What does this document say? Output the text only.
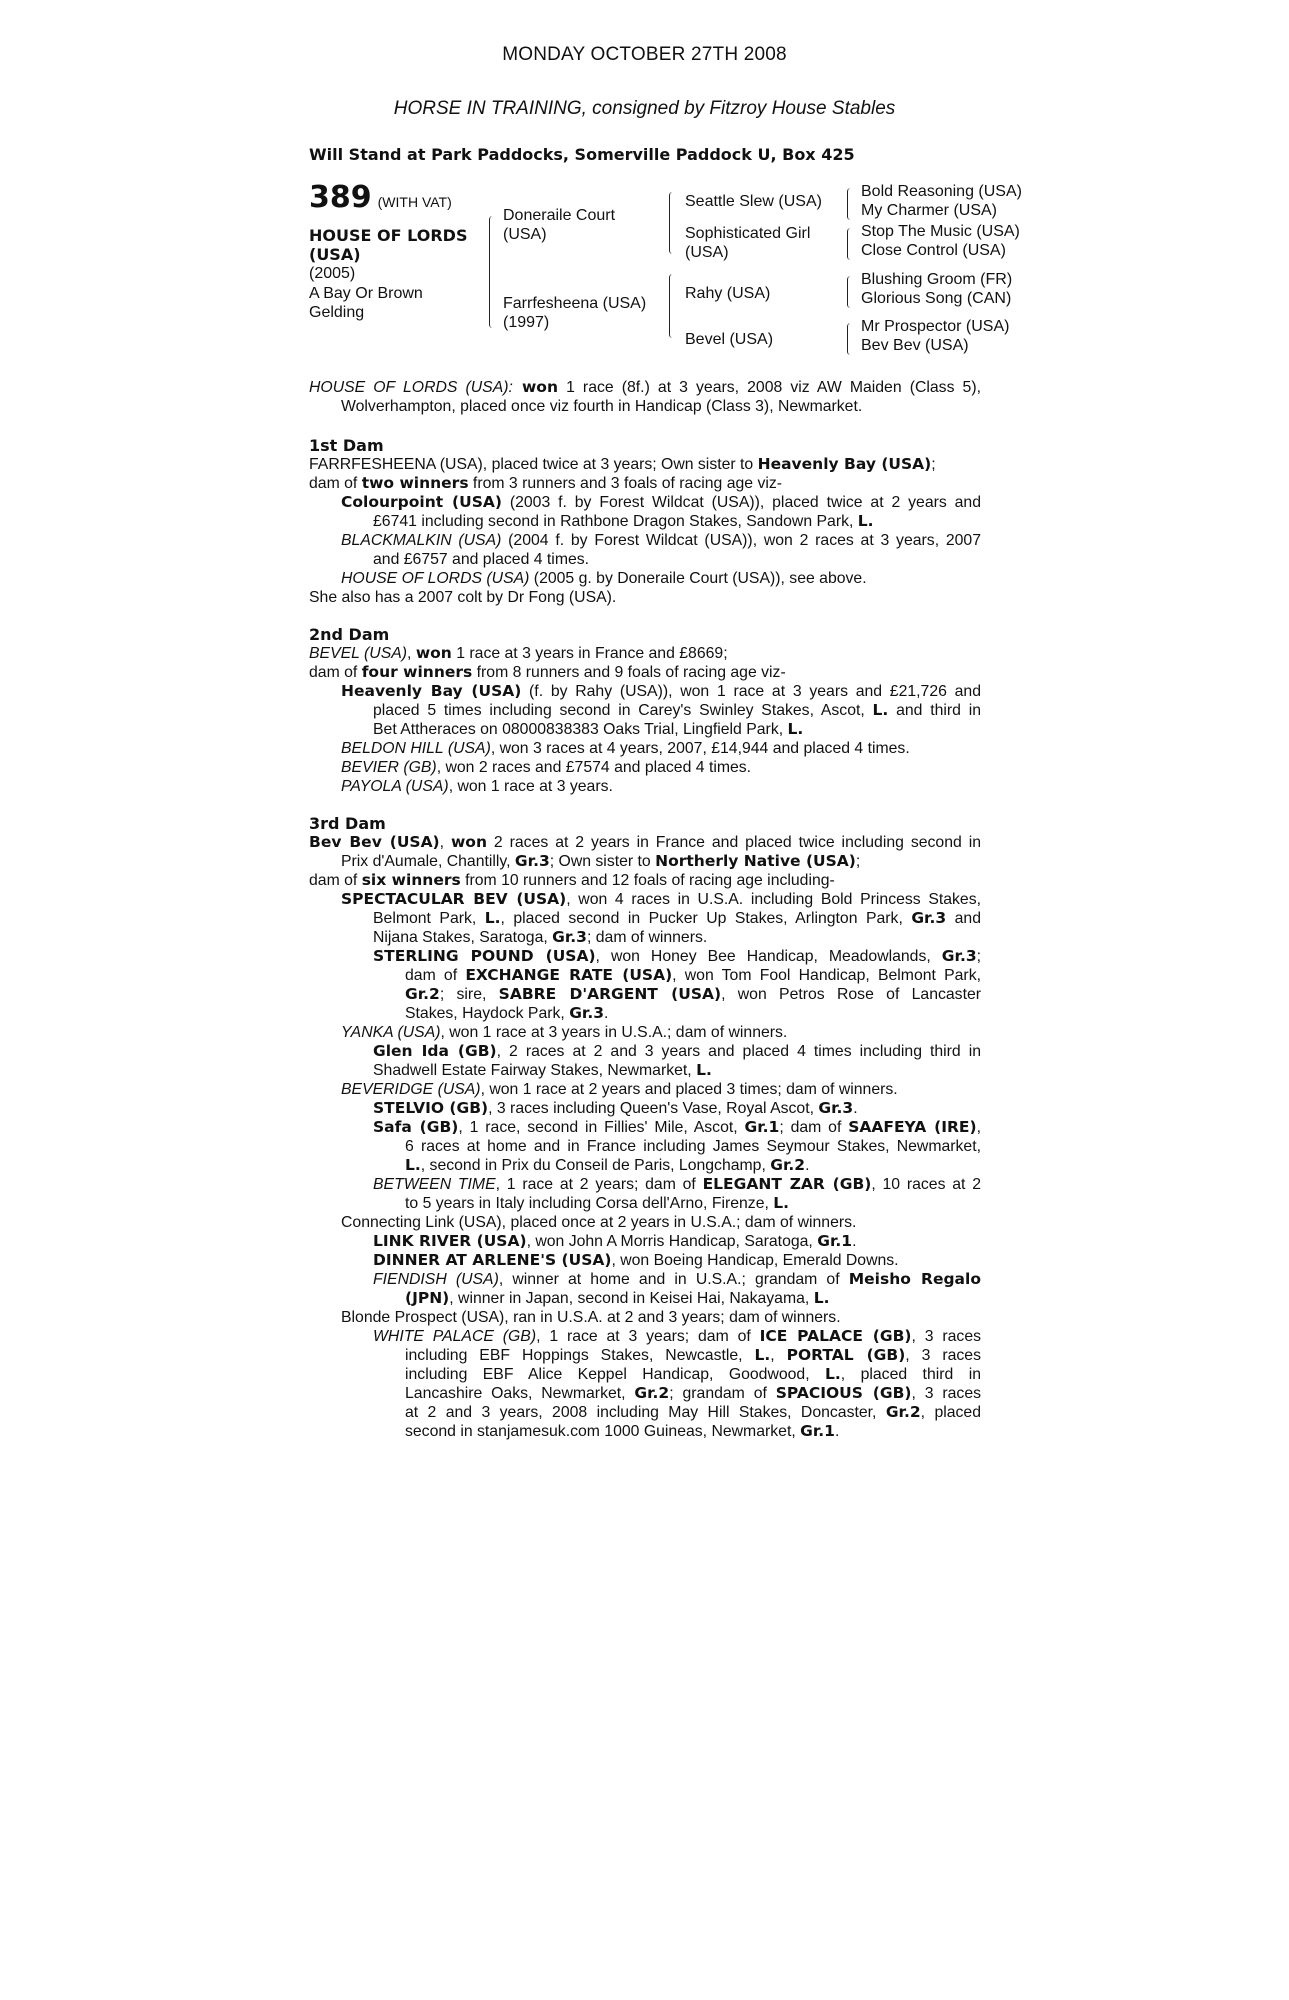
MONDAY OCTOBER 27TH 2008
HORSE IN TRAINING, consigned by Fitzroy House Stables
Will Stand at Park Paddocks, Somerville Paddock U, Box 425
389 (WITH VAT)
HOUSE OF LORDS
(USA)
(2005)
A Bay Or Brown
Gelding
Doneraile Court
(USA)
Farrfesheena (USA)
(1997)
Seattle Slew (USA)
Sophisticated Girl
(USA)
Rahy (USA)
Bevel (USA)
Bold Reasoning (USA)
My Charmer (USA)
Stop The Music (USA)
Close Control (USA)
Blushing Groom (FR)
Glorious Song (CAN)
Mr Prospector (USA)
Bev Bev (USA)
HOUSE OF LORDS (USA): won 1 race (8f.) at 3 years, 2008 viz AW Maiden (Class 5),
Wolverhampton, placed once viz fourth in Handicap (Class 3), Newmarket.
1st Dam
FARRFESHEENA (USA), placed twice at 3 years; Own sister to Heavenly Bay (USA);
dam of two winners from 3 runners and 3 foals of racing age viz-
Colourpoint (USA) (2003 f. by Forest Wildcat (USA)), placed twice at 2 years and
£6741 including second in Rathbone Dragon Stakes, Sandown Park, L.
BLACKMALKIN (USA) (2004 f. by Forest Wildcat (USA)), won 2 races at 3 years, 2007
and £6757 and placed 4 times.
HOUSE OF LORDS (USA) (2005 g. by Doneraile Court (USA)), see above.
She also has a 2007 colt by Dr Fong (USA).
2nd Dam
BEVEL (USA), won 1 race at 3 years in France and £8669;
dam of four winners from 8 runners and 9 foals of racing age viz-
Heavenly Bay (USA) (f. by Rahy (USA)), won 1 race at 3 years and £21,726 and
placed 5 times including second in Carey's Swinley Stakes, Ascot, L. and third in
Bet Attheraces on 08000838383 Oaks Trial, Lingfield Park, L.
BELDON HILL (USA), won 3 races at 4 years, 2007, £14,944 and placed 4 times.
BEVIER (GB), won 2 races and £7574 and placed 4 times.
PAYOLA (USA), won 1 race at 3 years.
3rd Dam
Bev Bev (USA), won 2 races at 2 years in France and placed twice including second in
Prix d'Aumale, Chantilly, Gr.3; Own sister to Northerly Native (USA);
dam of six winners from 10 runners and 12 foals of racing age including-
SPECTACULAR BEV (USA), won 4 races in U.S.A. including Bold Princess Stakes,
Belmont Park, L., placed second in Pucker Up Stakes, Arlington Park, Gr.3 and
Nijana Stakes, Saratoga, Gr.3; dam of winners.
STERLING POUND (USA), won Honey Bee Handicap, Meadowlands, Gr.3;
dam of EXCHANGE RATE (USA), won Tom Fool Handicap, Belmont Park,
Gr.2; sire, SABRE D'ARGENT (USA), won Petros Rose of Lancaster
Stakes, Haydock Park, Gr.3.
YANKA (USA), won 1 race at 3 years in U.S.A.; dam of winners.
Glen Ida (GB), 2 races at 2 and 3 years and placed 4 times including third in
Shadwell Estate Fairway Stakes, Newmarket, L.
BEVERIDGE (USA), won 1 race at 2 years and placed 3 times; dam of winners.
STELVIO (GB), 3 races including Queen's Vase, Royal Ascot, Gr.3.
Safa (GB), 1 race, second in Fillies' Mile, Ascot, Gr.1; dam of SAAFEYA (IRE),
6 races at home and in France including James Seymour Stakes, Newmarket,
L., second in Prix du Conseil de Paris, Longchamp, Gr.2.
BETWEEN TIME, 1 race at 2 years; dam of ELEGANT ZAR (GB), 10 races at 2
to 5 years in Italy including Corsa dell'Arno, Firenze, L.
Connecting Link (USA), placed once at 2 years in U.S.A.; dam of winners.
LINK RIVER (USA), won John A Morris Handicap, Saratoga, Gr.1.
DINNER AT ARLENE'S (USA), won Boeing Handicap, Emerald Downs.
FIENDISH (USA), winner at home and in U.S.A.; grandam of Meisho Regalo
(JPN), winner in Japan, second in Keisei Hai, Nakayama, L.
Blonde Prospect (USA), ran in U.S.A. at 2 and 3 years; dam of winners.
WHITE PALACE (GB), 1 race at 3 years; dam of ICE PALACE (GB), 3 races
including EBF Hoppings Stakes, Newcastle, L., PORTAL (GB), 3 races
including EBF Alice Keppel Handicap, Goodwood, L., placed third in
Lancashire Oaks, Newmarket, Gr.2; grandam of SPACIOUS (GB), 3 races
at 2 and 3 years, 2008 including May Hill Stakes, Doncaster, Gr.2, placed
second in stanjamesuk.com 1000 Guineas, Newmarket, Gr.1.
